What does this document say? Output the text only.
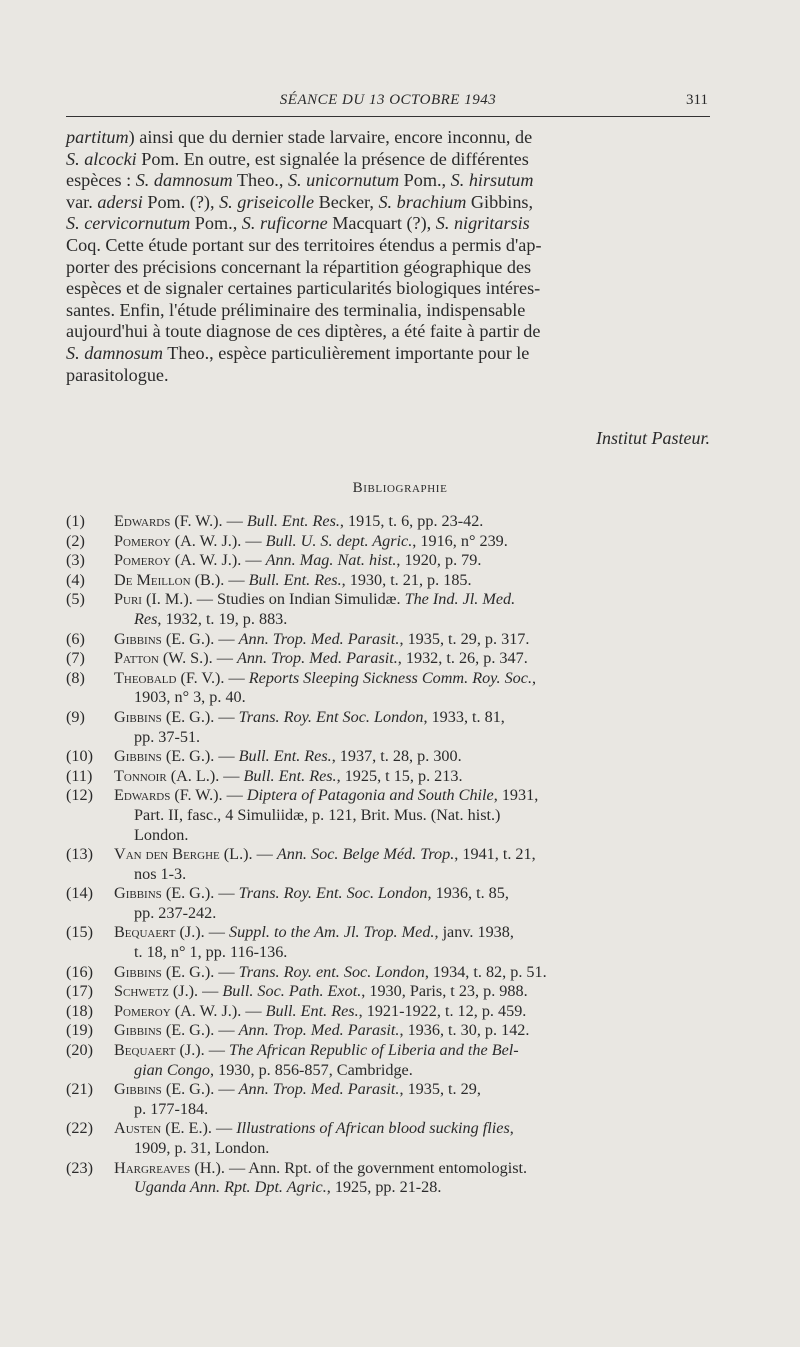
SÉANCE DU 13 OCTOBRE 1943	311
partitum) ainsi que du dernier stade larvaire, encore inconnu, de
S. alcocki Pom. En outre, est signalée la présence de différentes
espèces : S. damnosum Theo., S. unicornutum Pom., S. hirsutum
var. adersi Pom. (?), S. griseicolle Becker, S. brachium Gibbins,
S. cervicornutum Pom., S. ruficorne Macquart (?), S. nigritarsis
Coq. Cette étude portant sur des territoires étendus a permis d'ap-
porter des précisions concernant la répartition géographique des
espèces et de signaler certaines particularités biologiques intéres-
santes. Enfin, l'étude préliminaire des terminalia, indispensable
aujourd'hui à toute diagnose de ces diptères, a été faite à partir de
S. damnosum Theo., espèce particulièrement importante pour le
parasitologue.
Institut Pasteur.
Bibliographie
(1) Edwards (F. W.). — Bull. Ent. Res., 1915, t. 6, pp. 23-42.
(2) Pomeroy (A. W. J.). — Bull. U. S. dept. Agric., 1916, n° 239.
(3) Pomeroy (A. W. J.). — Ann. Mag. Nat. hist., 1920, p. 79.
(4) De Meillon (B.). — Bull. Ent. Res., 1930, t. 21, p. 185.
(5) Puri (I. M.). — Studies on Indian Simulidæ. The Ind. Jl. Med.
Res, 1932, t. 19, p. 883.
(6) Gibbins (E. G.). — Ann. Trop. Med. Parasit., 1935, t. 29, p. 317.
(7) Patton (W. S.). — Ann. Trop. Med. Parasit., 1932, t. 26, p. 347.
(8) Theobald (F. V.). — Reports Sleeping Sickness Comm. Roy. Soc.,
1903, n° 3, p. 40.
(9) Gibbins (E. G.). — Trans. Roy. Ent Soc. London, 1933, t. 81,
pp. 37-51.
(10) Gibbins (E. G.). — Bull. Ent. Res., 1937, t. 28, p. 300.
(11) Tonnoir (A. L.). — Bull. Ent. Res., 1925, t 15, p. 213.
(12) Edwards (F. W.). — Diptera of Patagonia and South Chile, 1931,
Part. II, fasc., 4 Simuliidæ, p. 121, Brit. Mus. (Nat. hist.)
London.
(13) Van den Berghe (L.). — Ann. Soc. Belge Méd. Trop., 1941, t. 21,
nos 1-3.
(14) Gibbins (E. G.). — Trans. Roy. Ent. Soc. London, 1936, t. 85,
pp. 237-242.
(15) Bequaert (J.). — Suppl. to the Am. Jl. Trop. Med., janv. 1938,
t. 18, n° 1, pp. 116-136.
(16) Gibbins (E. G.). — Trans. Roy. ent. Soc. London, 1934, t. 82, p. 51.
(17) Schwetz (J.). — Bull. Soc. Path. Exot., 1930, Paris, t 23, p. 988.
(18) Pomeroy (A. W. J.). — Bull. Ent. Res., 1921-1922, t. 12, p. 459.
(19) Gibbins (E. G.). — Ann. Trop. Med. Parasit., 1936, t. 30, p. 142.
(20) Bequaert (J.). — The African Republic of Liberia and the Bel-
gian Congo, 1930, p. 856-857, Cambridge.
(21) Gibbins (E. G.). — Ann. Trop. Med. Parasit., 1935, t. 29,
p. 177-184.
(22) Austen (E. E.). — Illustrations of African blood sucking flies,
1909, p. 31, London.
(23) Hargreaves (H.). — Ann. Rpt. of the government entomologist.
Uganda Ann. Rpt. Dpt. Agric., 1925, pp. 21-28.
